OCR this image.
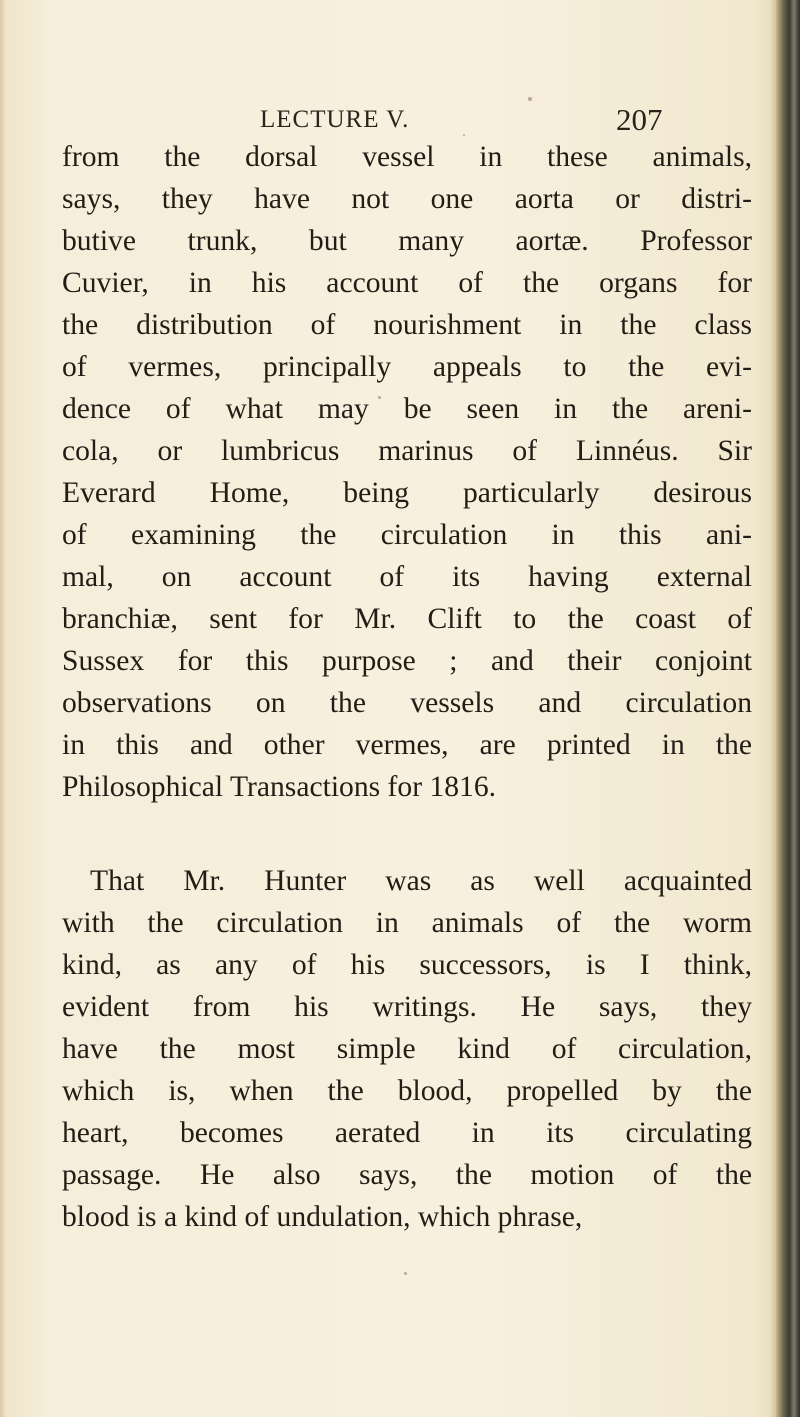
LECTURE V.	207
from the dorsal vessel in these animals,
says, they have not one aorta or distri-
butive trunk, but many aortæ. Professor
Cuvier, in his account of the organs for
the distribution of nourishment in the class
of vermes, principally appeals to the evi-
dence of what may be seen in the areni-
cola, or lumbricus marinus of Linnéus. Sir
Everard Home, being particularly desirous
of examining the circulation in this ani-
mal, on account of its having external
branchiæ, sent for Mr. Clift to the coast of
Sussex for this purpose ; and their conjoint
observations on the vessels and circulation
in this and other vermes, are printed in the
Philosophical Transactions for 1816.
That Mr. Hunter was as well acquainted
with the circulation in animals of the worm
kind, as any of his successors, is I think,
evident from his writings. He says, they
have the most simple kind of circulation,
which is, when the blood, propelled by the
heart, becomes aerated in its circulating
passage. He also says, the motion of the
blood is a kind of undulation, which phrase,
